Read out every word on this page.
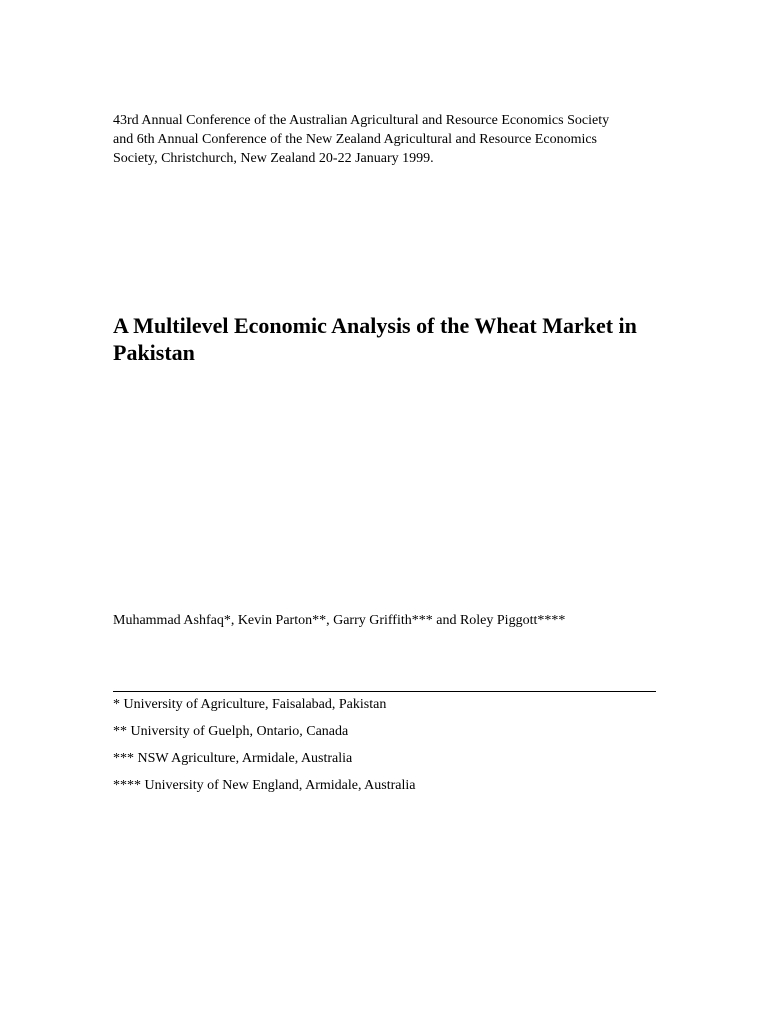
43rd Annual Conference of the Australian Agricultural and Resource Economics Society
and 6th Annual Conference of the New Zealand Agricultural and Resource Economics
Society, Christchurch, New Zealand 20-22 January 1999.
A Multilevel Economic Analysis of the Wheat Market in
Pakistan
Muhammad Ashfaq*, Kevin Parton**, Garry Griffith*** and Roley Piggott****
* University of Agriculture, Faisalabad, Pakistan
** University of Guelph, Ontario, Canada
*** NSW Agriculture, Armidale, Australia
**** University of New England, Armidale, Australia
